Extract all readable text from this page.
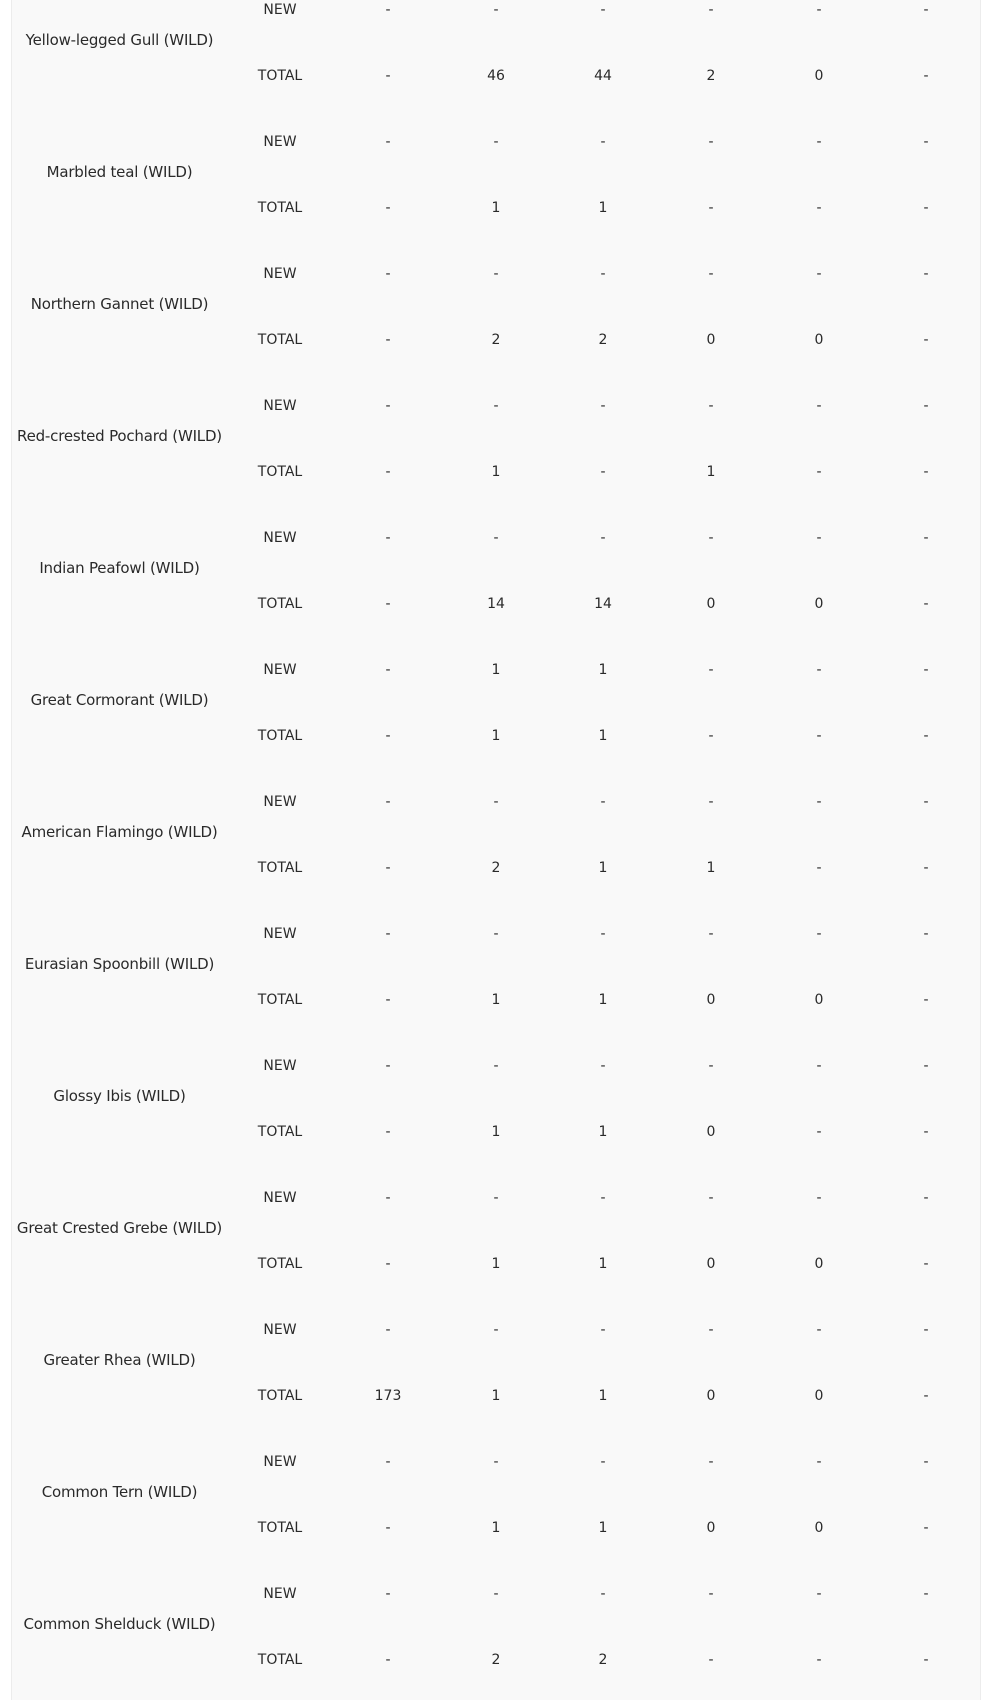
Yellow-legged Gull (WILD)
NEW	-	-	-	-	-	-
TOTAL	-	46	44	2	0	-
Marbled teal (WILD)
NEW	-	-	-	-	-	-
TOTAL	-	1	1	-	-	-
Northern Gannet (WILD)
NEW	-	-	-	-	-	-
TOTAL	-	2	2	0	0	-
Red-crested Pochard (WILD)
NEW	-	-	-	-	-	-
TOTAL	-	1	-	1	-	-
Indian Peafowl (WILD)
NEW	-	-	-	-	-	-
TOTAL	-	14	14	0	0	-
Great Cormorant (WILD)
NEW	-	1	1	-	-	-
TOTAL	-	1	1	-	-	-
American Flamingo (WILD)
NEW	-	-	-	-	-	-
TOTAL	-	2	1	1	-	-
Eurasian Spoonbill (WILD)
NEW	-	-	-	-	-	-
TOTAL	-	1	1	0	0	-
Glossy Ibis (WILD)
NEW	-	-	-	-	-	-
TOTAL	-	1	1	0	-	-
Great Crested Grebe (WILD)
NEW	-	-	-	-	-	-
TOTAL	-	1	1	0	0	-
Greater Rhea (WILD)
NEW	-	-	-	-	-	-
TOTAL	173	1	1	0	0	-
Common Tern (WILD)
NEW	-	-	-	-	-	-
TOTAL	-	1	1	0	0	-
Common Shelduck (WILD)
NEW	-	-	-	-	-	-
TOTAL	-	2	2	-	-	-
